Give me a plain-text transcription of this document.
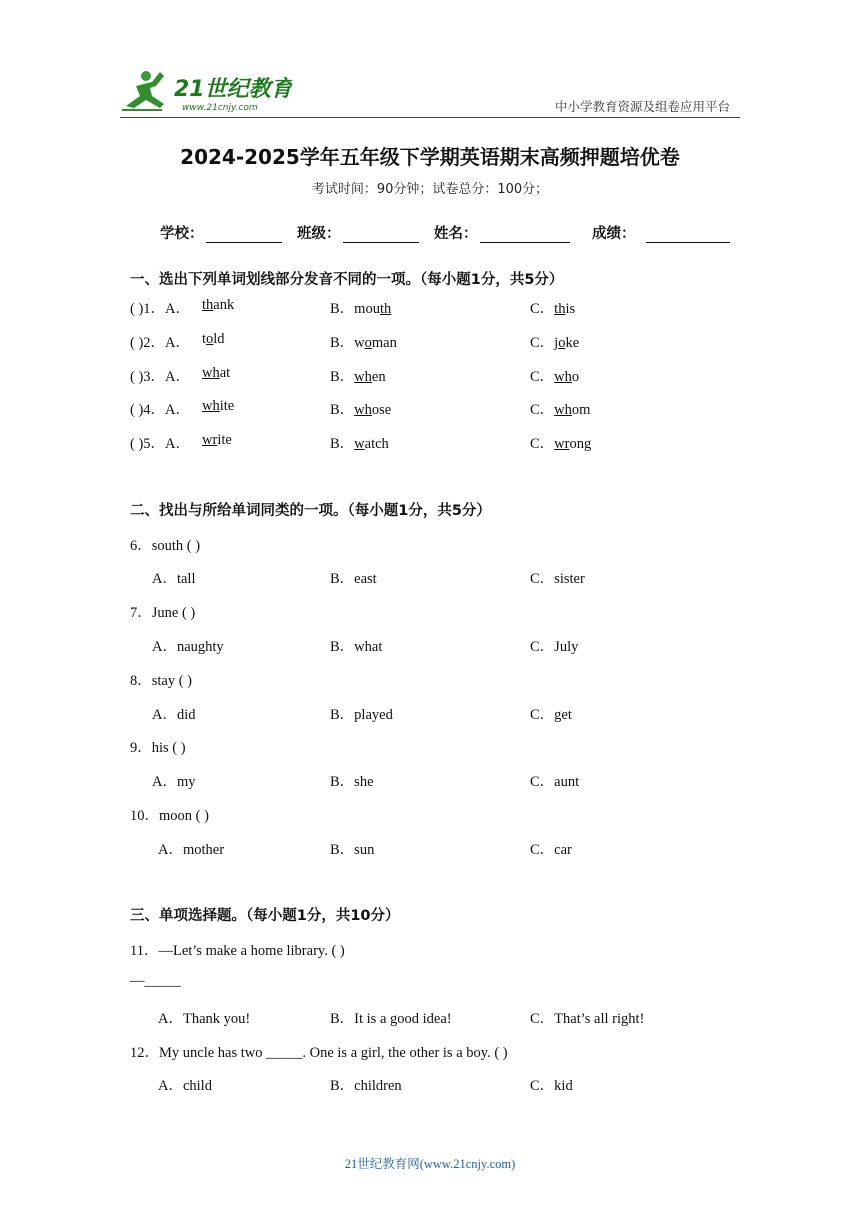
21世纪教育
www.21cnjy.com	中小学教育资源及组卷应用平台
2024-2025学年五年级下学期英语期末高频押题培优卷
考试时间：90分钟；试卷总分：100分；
学校：	班级：	姓名：	成绩：
一、选出下列单词划线部分发音不同的一项。（每小题1分，共5分）
( )1．A． thank	B．mouth	C．this
( )2．A． told	B．woman	C．joke
( )3．A． what	B．when	C．who
( )4．A． white	B．whose	C．whom
( )5．A． write	B．watch	C．wrong
二、找出与所给单词同类的一项。（每小题1分，共5分）
6．south ( )
A．tall	B．east	C．sister
7．June ( )
A．naughty	B．what	C．July
8．stay ( )
A．did	B．played	C．get
9．his ( )
A．my	B．she	C．aunt
10．moon ( )
A．mother	B．sun	C．car
三、单项选择题。（每小题1分，共10分）
11．—Let’s make a home library. ( )
—_____
A．Thank you!	B．It is a good idea!	C．That’s all right!
12．My uncle has two _____. One is a girl, the other is a boy. ( )
A．child	B．children	C．kid
21世纪教育网(www.21cnjy.com)
